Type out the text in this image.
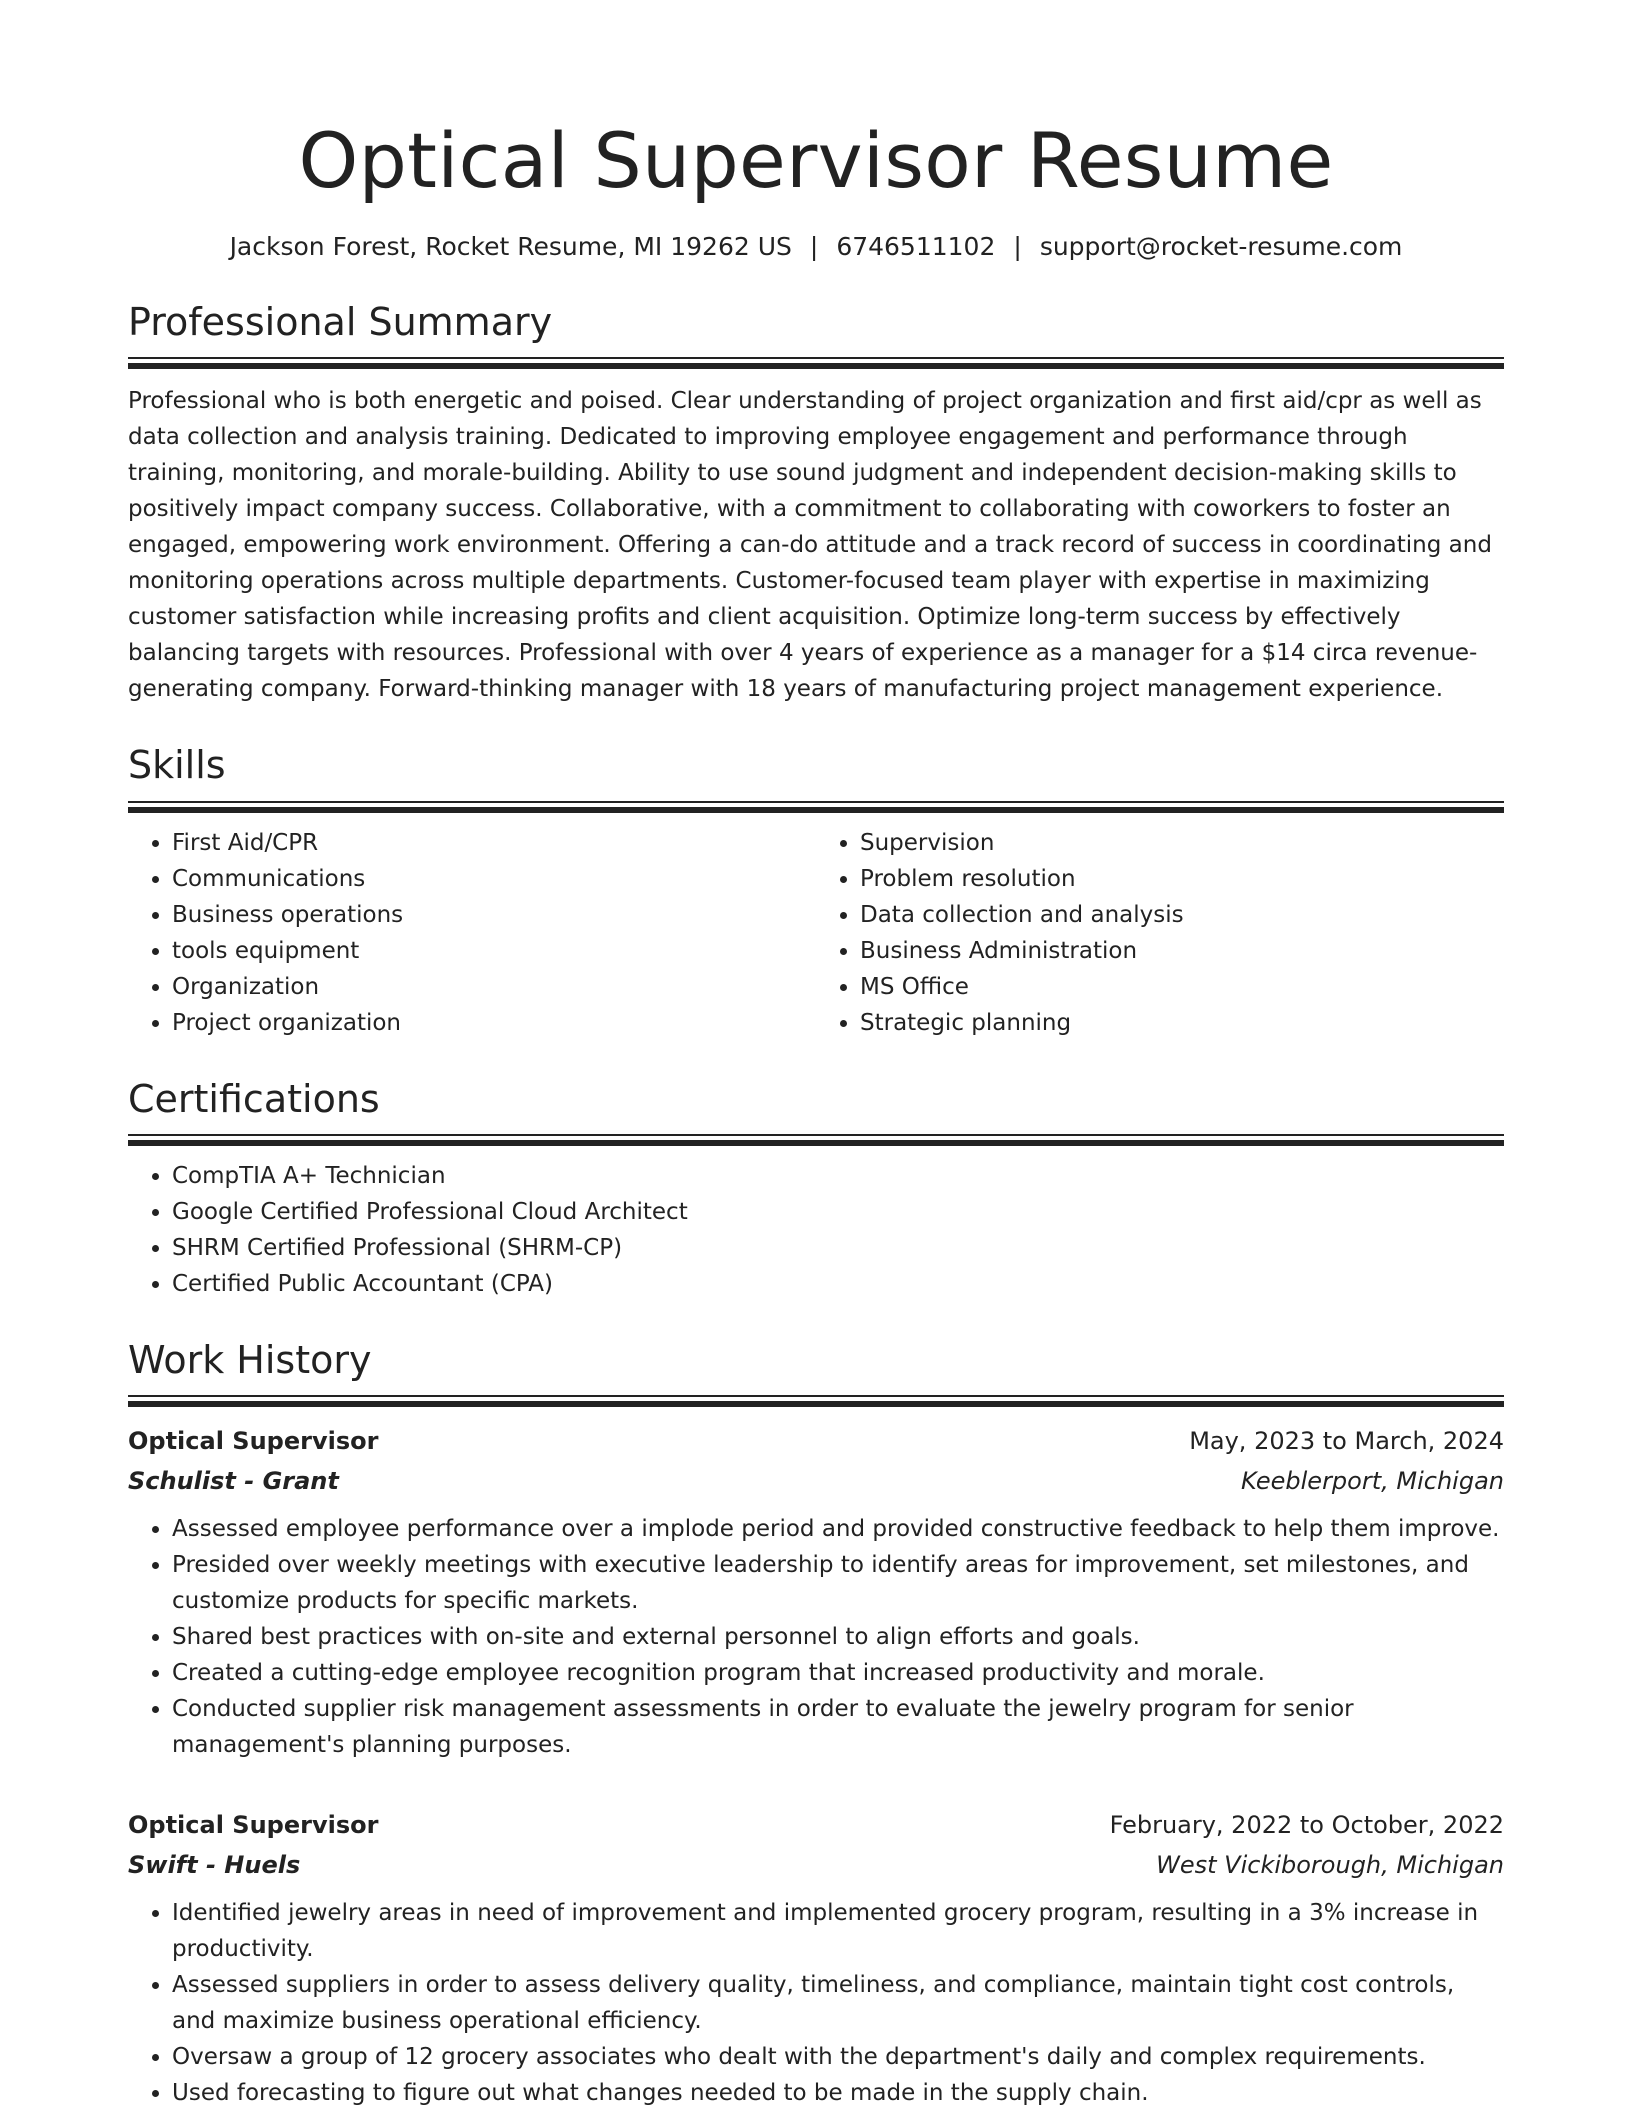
Optical Supervisor Resume
Jackson Forest, Rocket Resume, MI 19262 US | 6746511102 | support@rocket-resume.com
Professional Summary
Professional who is both energetic and poised. Clear understanding of project organization and first aid/cpr as well as data collection and analysis training. Dedicated to improving employee engagement and performance through training, monitoring, and morale-building. Ability to use sound judgment and independent decision-making skills to positively impact company success. Collaborative, with a commitment to collaborating with coworkers to foster an engaged, empowering work environment. Offering a can-do attitude and a track record of success in coordinating and monitoring operations across multiple departments. Customer-focused team player with expertise in maximizing customer satisfaction while increasing profits and client acquisition. Optimize long-term success by effectively balancing targets with resources. Professional with over 4 years of experience as a manager for a $14 circa revenue-generating company. Forward-thinking manager with 18 years of manufacturing project management experience.
Skills
• First Aid/CPR
• Communications
• Business operations
• tools equipment
• Organization
• Project organization
• Supervision
• Problem resolution
• Data collection and analysis
• Business Administration
• MS Office
• Strategic planning
Certifications
• CompTIA A+ Technician
• Google Certified Professional Cloud Architect
• SHRM Certified Professional (SHRM-CP)
• Certified Public Accountant (CPA)
Work History
Optical Supervisor	May, 2023 to March, 2024
Schulist - Grant	Keeblerport, Michigan
• Assessed employee performance over a implode period and provided constructive feedback to help them improve.
• Presided over weekly meetings with executive leadership to identify areas for improvement, set milestones, and customize products for specific markets.
• Shared best practices with on-site and external personnel to align efforts and goals.
• Created a cutting-edge employee recognition program that increased productivity and morale.
• Conducted supplier risk management assessments in order to evaluate the jewelry program for senior management's planning purposes.
Optical Supervisor	February, 2022 to October, 2022
Swift - Huels	West Vickiborough, Michigan
• Identified jewelry areas in need of improvement and implemented grocery program, resulting in a 3% increase in productivity.
• Assessed suppliers in order to assess delivery quality, timeliness, and compliance, maintain tight cost controls, and maximize business operational efficiency.
• Oversaw a group of 12 grocery associates who dealt with the department's daily and complex requirements.
• Used forecasting to figure out what changes needed to be made in the supply chain.
